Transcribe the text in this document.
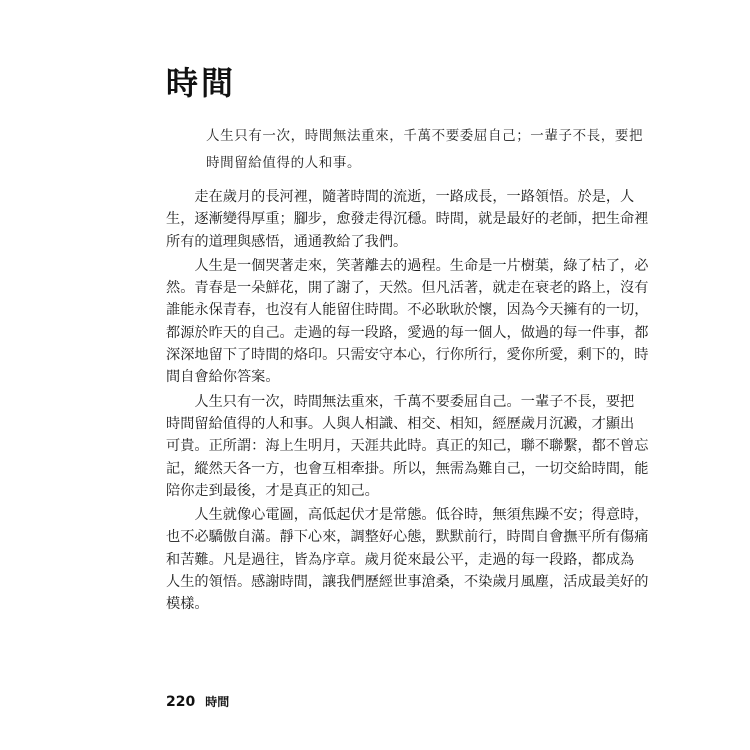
時間
人生只有一次，時間無法重來，千萬不要委屈自己；一輩子不長，要把
時間留給值得的人和事。
　　走在歲月的長河裡，隨著時間的流逝，一路成長，一路領悟。於是，人
生，逐漸變得厚重；腳步，愈發走得沉穩。時間，就是最好的老師，把生命裡
所有的道理與感悟，通通教給了我們。
　　人生是一個哭著走來，笑著離去的過程。生命是一片樹葉，綠了枯了，必
然。青春是一朵鮮花，開了謝了，天然。但凡活著，就走在衰老的路上，沒有
誰能永保青春，也沒有人能留住時間。不必耿耿於懷，因為今天擁有的一切，
都源於昨天的自己。走過的每一段路，愛過的每一個人，做過的每一件事，都
深深地留下了時間的烙印。只需安守本心，行你所行，愛你所愛，剩下的，時
間自會給你答案。
　　人生只有一次，時間無法重來，千萬不要委屈自己。一輩子不長，要把
時間留給值得的人和事。人與人相識、相交、相知，經歷歲月沉澱，才顯出
可貴。正所謂：海上生明月，天涯共此時。真正的知己，聯不聯繫，都不曾忘
記，縱然天各一方，也會互相牽掛。所以，無需為難自己，一切交給時間，能
陪你走到最後，才是真正的知己。
　　人生就像心電圖，高低起伏才是常態。低谷時，無須焦躁不安；得意時，
也不必驕傲自滿。靜下心來，調整好心態，默默前行，時間自會撫平所有傷痛
和苦難。凡是過往，皆為序章。歲月從來最公平，走過的每一段路，都成為
人生的領悟。感謝時間，讓我們歷經世事滄桑，不染歲月風塵，活成最美好的
模樣。
220 時間
